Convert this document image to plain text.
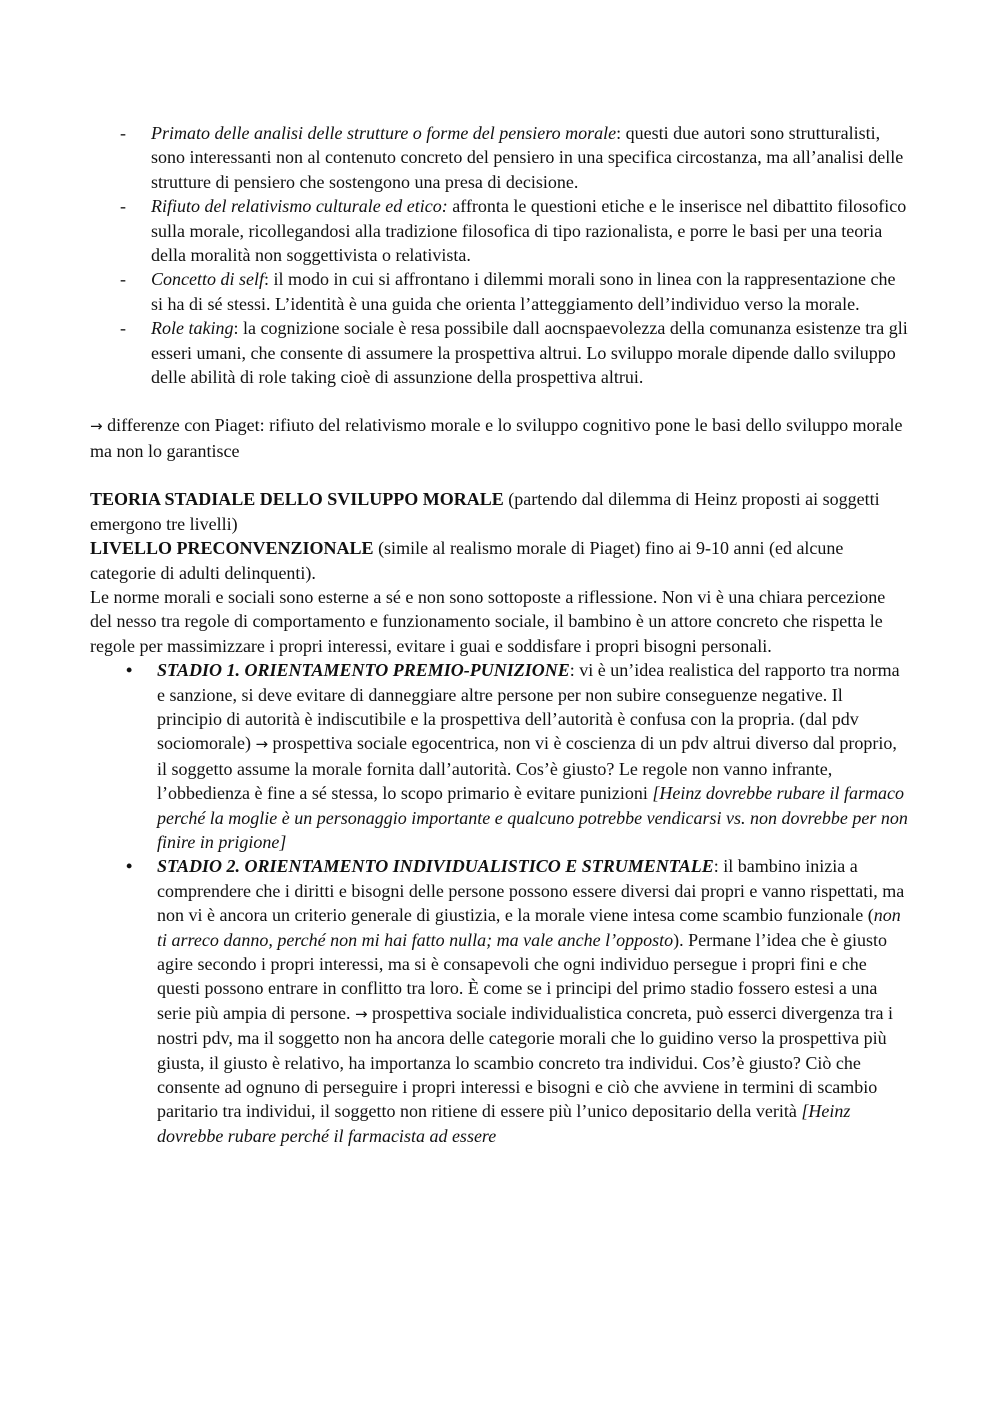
- Primato delle analisi delle strutture o forme del pensiero morale: questi due autori sono strutturalisti, sono interessanti non al contenuto concreto del pensiero in una specifica circostanza, ma all’analisi delle strutture di pensiero che sostengono una presa di decisione.
- Rifiuto del relativismo culturale ed etico: affronta le questioni etiche e le inserisce nel dibattito filosofico sulla morale, ricollegandosi alla tradizione filosofica di tipo razionalista, e porre le basi per una teoria della moralità non soggettivista o relativista.
- Concetto di self: il modo in cui si affrontano i dilemmi morali sono in linea con la rappresentazione che si ha di sé stessi. L’identità è una guida che orienta l’atteggiamento dell’individuo verso la morale.
- Role taking: la cognizione sociale è resa possibile dall aocnspaevolezza della comunanza esistenze tra gli esseri umani, che consente di assumere la prospettiva altrui. Lo sviluppo morale dipende dallo sviluppo delle abilità di role taking cioè di assunzione della prospettiva altrui.

→ differenze con Piaget: rifiuto del relativismo morale e lo sviluppo cognitivo pone le basi dello sviluppo morale ma non lo garantisce

TEORIA STADIALE DELLO SVILUPPO MORALE (partendo dal dilemma di Heinz proposti ai soggetti emergono tre livelli)

LIVELLO PRECONVENZIONALE (simile al realismo morale di Piaget) fino ai 9-10 anni (ed alcune categorie di adulti delinquenti).

Le norme morali e sociali sono esterne a sé e non sono sottoposte a riflessione. Non vi è una chiara percezione del nesso tra regole di comportamento e funzionamento sociale, il bambino è un attore concreto che rispetta le regole per massimizzare i propri interessi, evitare i guai e soddisfare i propri bisogni personali.

• STADIO 1. ORIENTAMENTO PREMIO-PUNIZIONE: vi è un’idea realistica del rapporto tra norma e sanzione, si deve evitare di danneggiare altre persone per non subire conseguenze negative. Il principio di autorità è indiscutibile e la prospettiva dell’autorità è confusa con la propria. (dal pdv sociomorale) → prospettiva sociale egocentrica, non vi è coscienza di un pdv altrui diverso dal proprio, il soggetto assume la morale fornita dall’autorità. Cos’è giusto? Le regole non vanno infrante, l’obbedienza è fine a sé stessa, lo scopo primario è evitare punizioni [Heinz dovrebbe rubare il farmaco perché la moglie è un personaggio importante e qualcuno potrebbe vendicarsi vs. non dovrebbe per non finire in prigione]
• STADIO 2. ORIENTAMENTO INDIVIDUALISTICO E STRUMENTALE: il bambino inizia a comprendere che i diritti e bisogni delle persone possono essere diversi dai propri e vanno rispettati, ma non vi è ancora un criterio generale di giustizia, e la morale viene intesa come scambio funzionale (non ti arreco danno, perché non mi hai fatto nulla; ma vale anche l’opposto). Permane l’idea che è giusto agire secondo i propri interessi, ma si è consapevoli che ogni individuo persegue i propri fini e che questi possono entrare in conflitto tra loro. È come se i principi del primo stadio fossero estesi a una serie più ampia di persone. → prospettiva sociale individualistica concreta, può esserci divergenza tra i nostri pdv, ma il soggetto non ha ancora delle categorie morali che lo guidino verso la prospettiva più giusta, il giusto è relativo, ha importanza lo scambio concreto tra individui. Cos’è giusto? Ciò che consente ad ognuno di perseguire i propri interessi e bisogni e ciò che avviene in termini di scambio paritario tra individui, il soggetto non ritiene di essere più l’unico depositario della verità [Heinz dovrebbe rubare perché il farmacista ad essere
